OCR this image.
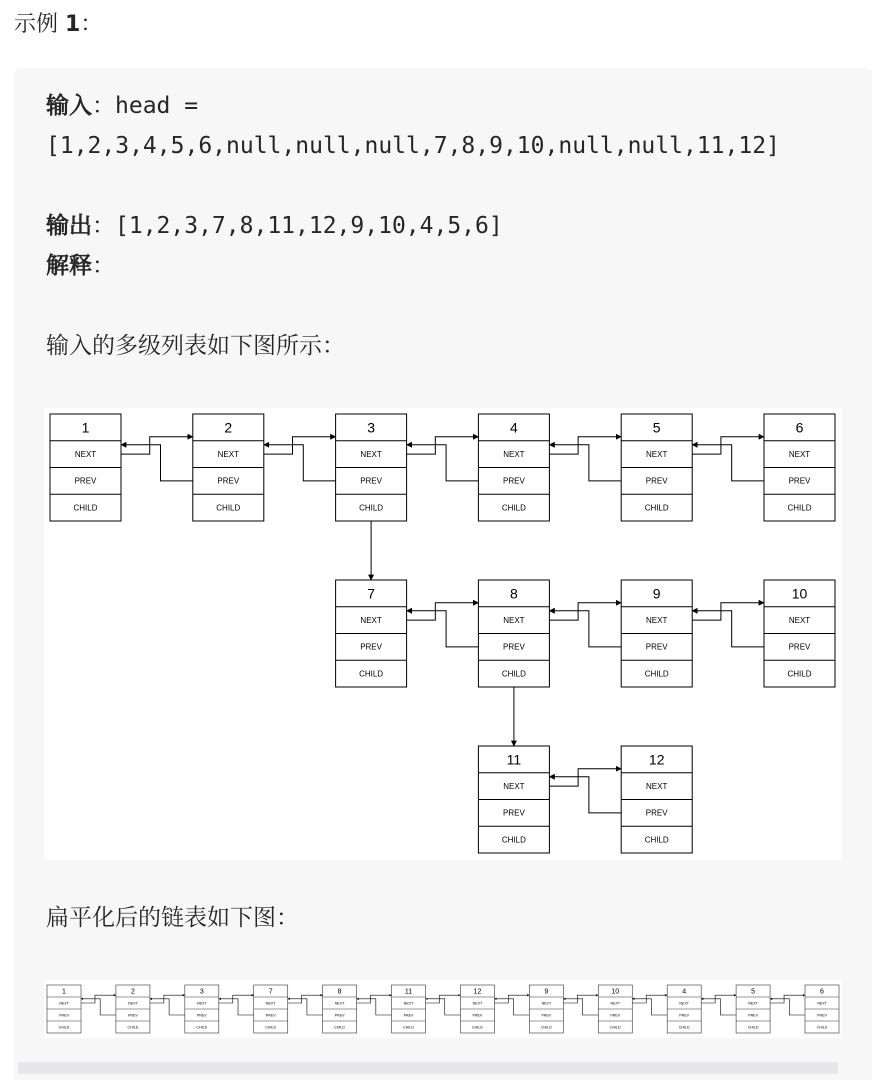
示例 1：
输入：head =
[1,2,3,4,5,6,null,null,null,7,8,9,10,null,null,11,12]
输出：[1,2,3,7,8,11,12,9,10,4,5,6]
解释：
输入的多级列表如下图所示：
1
NEXT
PREV
CHILD
2
NEXT
PREV
CHILD
3
NEXT
PREV
CHILD
4
NEXT
PREV
CHILD
5
NEXT
PREV
CHILD
6
NEXT
PREV
CHILD
7
NEXT
PREV
CHILD
8
NEXT
PREV
CHILD
9
NEXT
PREV
CHILD
10
NEXT
PREV
CHILD
11
NEXT
PREV
CHILD
12
NEXT
PREV
CHILD
扁平化后的链表如下图：
1
NEXT
PREV
CHILD
2
NEXT
PREV
CHILD
3
NEXT
PREV
CHILD
7
NEXT
PREV
CHILD
8
NEXT
PREV
CHILD
11
NEXT
PREV
CHILD
12
NEXT
PREV
CHILD
9
NEXT
PREV
CHILD
10
NEXT
PREV
CHILD
4
NEXT
PREV
CHILD
5
NEXT
PREV
CHILD
6
NEXT
PREV
CHILD
